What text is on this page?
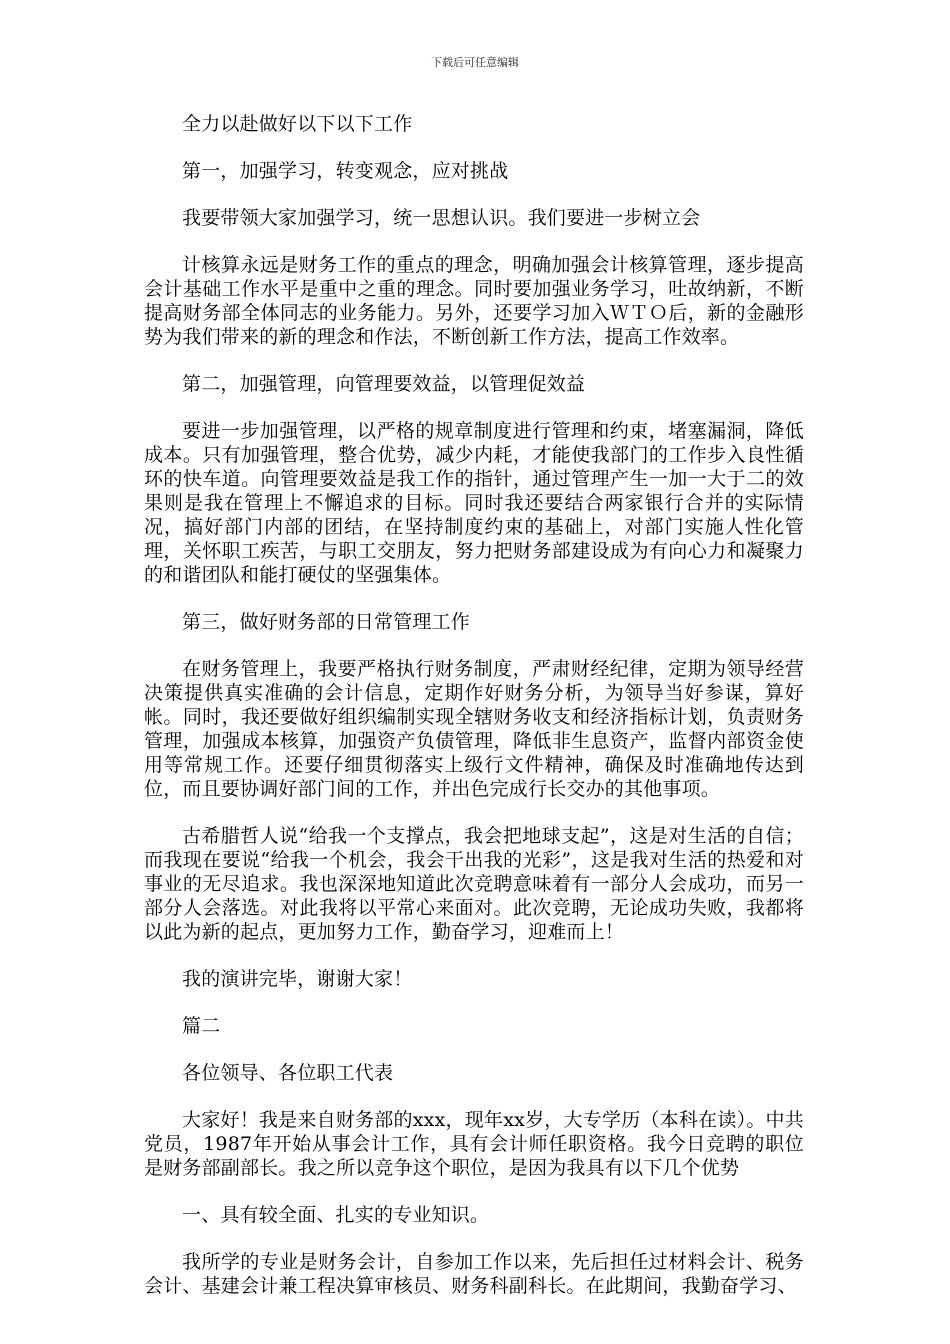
下载后可任意编辑

全力以赴做好以下以下工作

第一，加强学习，转变观念，应对挑战

我要带领大家加强学习，统一思想认识。我们要进一步树立会

计核算永远是财务工作的重点的理念，明确加强会计核算管理，逐步提高会计基础工作水平是重中之重的理念。同时要加强业务学习，吐故纳新，不断提高财务部全体同志的业务能力。另外，还要学习加入ＷＴＯ后，新的金融形势为我们带来的新的理念和作法，不断创新工作方法，提高工作效率。

第二，加强管理，向管理要效益，以管理促效益

要进一步加强管理，以严格的规章制度进行管理和约束，堵塞漏洞，降低成本。只有加强管理，整合优势，减少内耗，才能使我部门的工作步入良性循环的快车道。向管理要效益是我工作的指针，通过管理产生一加一大于二的效果则是我在管理上不懈追求的目标。同时我还要结合两家银行合并的实际情况，搞好部门内部的团结，在坚持制度约束的基础上，对部门实施人性化管理，关怀职工疾苦，与职工交朋友，努力把财务部建设成为有向心力和凝聚力的和谐团队和能打硬仗的坚强集体。

第三，做好财务部的日常管理工作

在财务管理上，我要严格执行财务制度，严肃财经纪律，定期为领导经营决策提供真实准确的会计信息，定期作好财务分析，为领导当好参谋，算好帐。同时，我还要做好组织编制实现全辖财务收支和经济指标计划，负责财务管理，加强成本核算，加强资产负债管理，降低非生息资产，监督内部资金使用等常规工作。还要仔细贯彻落实上级行文件精神，确保及时准确地传达到位，而且要协调好部门间的工作，并出色完成行长交办的其他事项。

古希腊哲人说“给我一个支撑点，我会把地球支起”，这是对生活的自信；而我现在要说“给我一个机会，我会干出我的光彩”，这是我对生活的热爱和对事业的无尽追求。我也深深地知道此次竞聘意味着有一部分人会成功，而另一部分人会落选。对此我将以平常心来面对。此次竞聘，无论成功失败，我都将以此为新的起点，更加努力工作，勤奋学习，迎难而上！

我的演讲完毕，谢谢大家！

篇二

各位领导、各位职工代表

大家好！我是来自财务部的xxx，现年xx岁，大专学历（本科在读）。中共党员，1987年开始从事会计工作，具有会计师任职资格。我今日竞聘的职位是财务部副部长。我之所以竞争这个职位，是因为我具有以下几个优势

一、具有较全面、扎实的专业知识。

我所学的专业是财务会计，自参加工作以来，先后担任过材料会计、税务会计、基建会计兼工程决算审核员、财务科副科长。在此期间，我勤奋学习、
